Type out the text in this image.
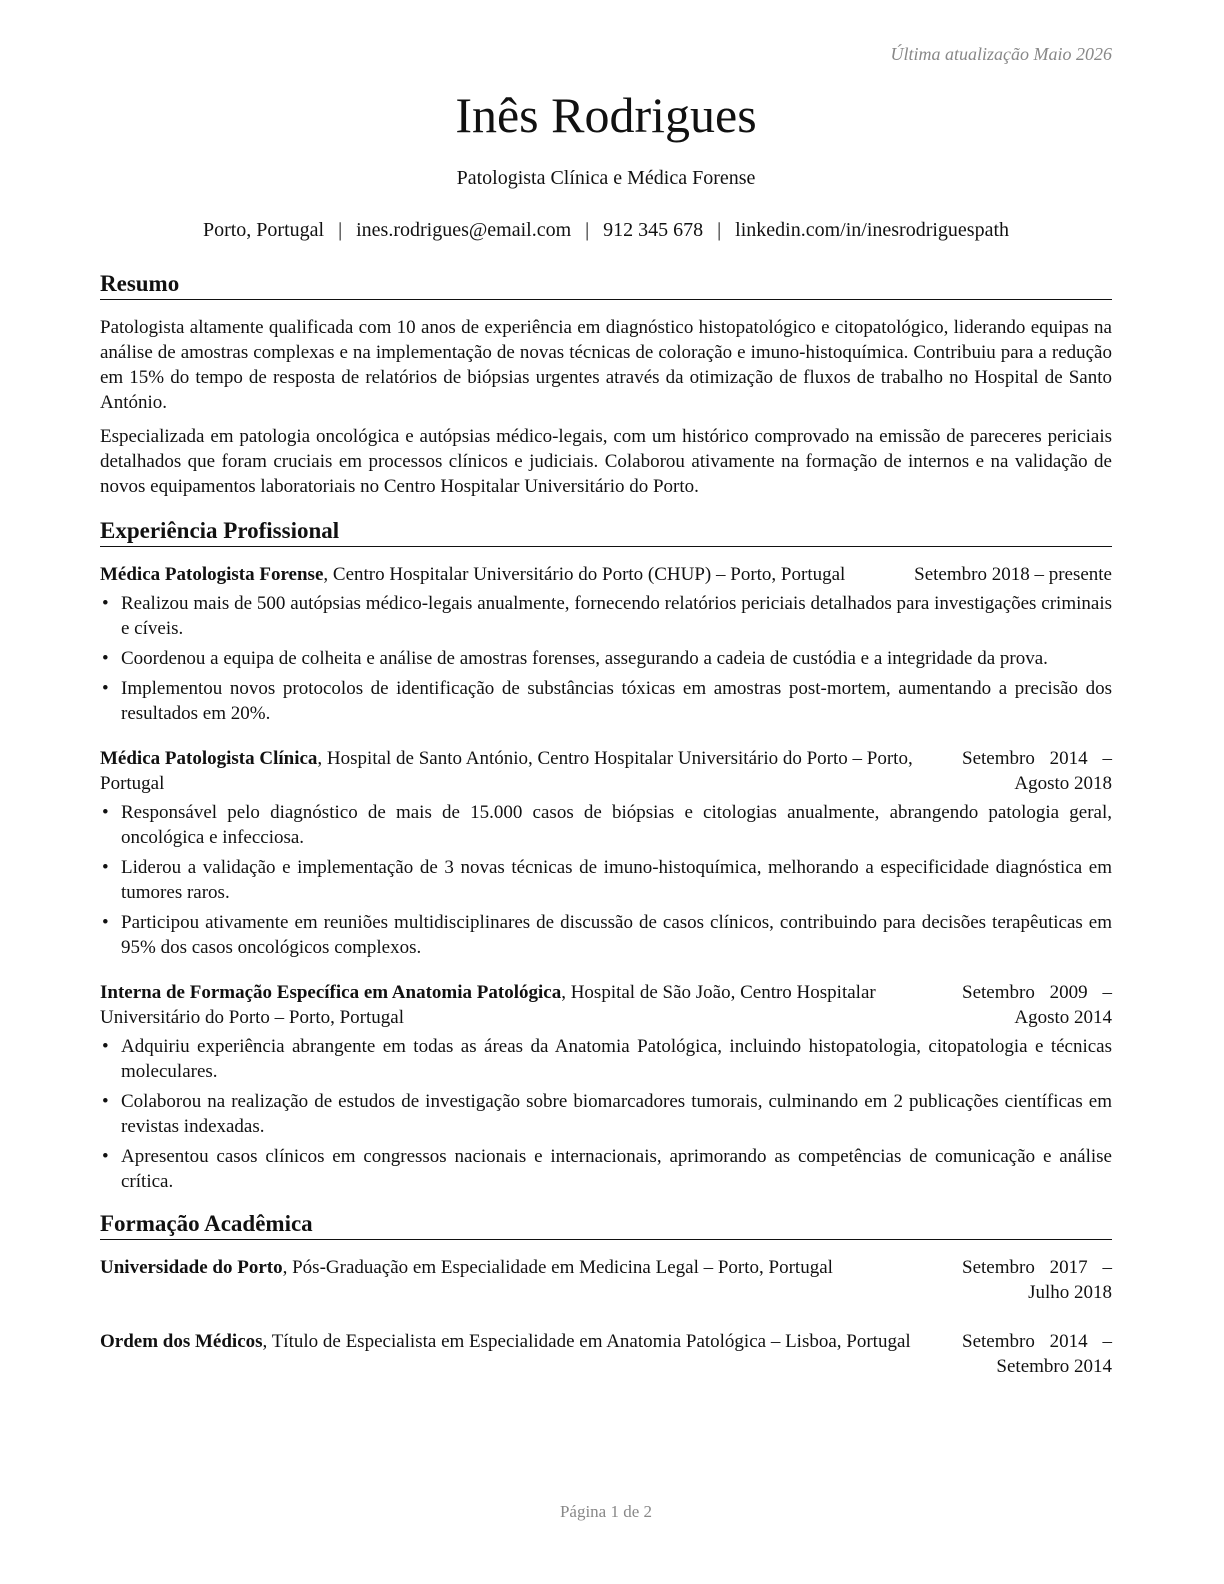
Última atualização Maio 2026
Inês Rodrigues
Patologista Clínica e Médica Forense
Porto, Portugal | ines.rodrigues@email.com | 912 345 678 | linkedin.com/in/inesrodriguespath
Resumo

Patologista altamente qualificada com 10 anos de experiência em diagnóstico histopatológico e citopatológico, liderando equipas na análise de amostras complexas e na implementação de novas técnicas de coloração e imuno-histoquímica. Contribuiu para a redução em 15% do tempo de resposta de relatórios de biópsias urgentes através da otimização de fluxos de trabalho no Hospital de Santo António.

Especializada em patologia oncológica e autópsias médico-legais, com um histórico comprovado na emissão de pareceres periciais detalhados que foram cruciais em processos clínicos e judiciais. Colaborou ativamente na formação de internos e na validação de novos equipamentos laboratoriais no Centro Hospitalar Universitário do Porto.

Experiência Profissional
Médica Patologista Forense, Centro Hospitalar Universitário do Porto (CHUP) – Porto, Portugal	Setembro 2018 – presente
• Realizou mais de 500 autópsias médico-legais anualmente, fornecendo relatórios periciais detalhados para investigações criminais e cíveis.
• Coordenou a equipa de colheita e análise de amostras forenses, assegurando a cadeia de custódia e a integridade da prova.
• Implementou novos protocolos de identificação de substâncias tóxicas em amostras post-mortem, aumentando a precisão dos resultados em 20%.
Médica Patologista Clínica, Hospital de Santo António, Centro Hospitalar Universitário do Porto – Porto, Portugal
Setembro 2014 – Agosto 2018
• Responsável pelo diagnóstico de mais de 15.000 casos de biópsias e citologias anualmente, abrangendo patologia geral, oncológica e infecciosa.
• Liderou a validação e implementação de 3 novas técnicas de imuno-histoquímica, melhorando a especificidade diagnóstica em tumores raros.
• Participou ativamente em reuniões multidisciplinares de discussão de casos clínicos, contribuindo para decisões terapêuticas em 95% dos casos oncológicos complexos.
Interna de Formação Específica em Anatomia Patológica, Hospital de São João, Centro Hospitalar Universitário do Porto – Porto, Portugal
Setembro 2009 – Agosto 2014
• Adquiriu experiência abrangente em todas as áreas da Anatomia Patológica, incluindo histopatologia, citopatologia e técnicas moleculares.
• Colaborou na realização de estudos de investigação sobre biomarcadores tumorais, culminando em 2 publicações científicas em revistas indexadas.
• Apresentou casos clínicos em congressos nacionais e internacionais, aprimorando as competências de comunicação e análise crítica.
Formação Acadêmica
Universidade do Porto, Pós-Graduação em Especialidade em Medicina Legal – Porto, Portugal	Setembro 2017 – Julho 2018
Ordem dos Médicos, Título de Especialista em Especialidade em Anatomia Patológica – Lisboa, Portugal	Setembro 2014 – Setembro 2014
Página 1 de 2
